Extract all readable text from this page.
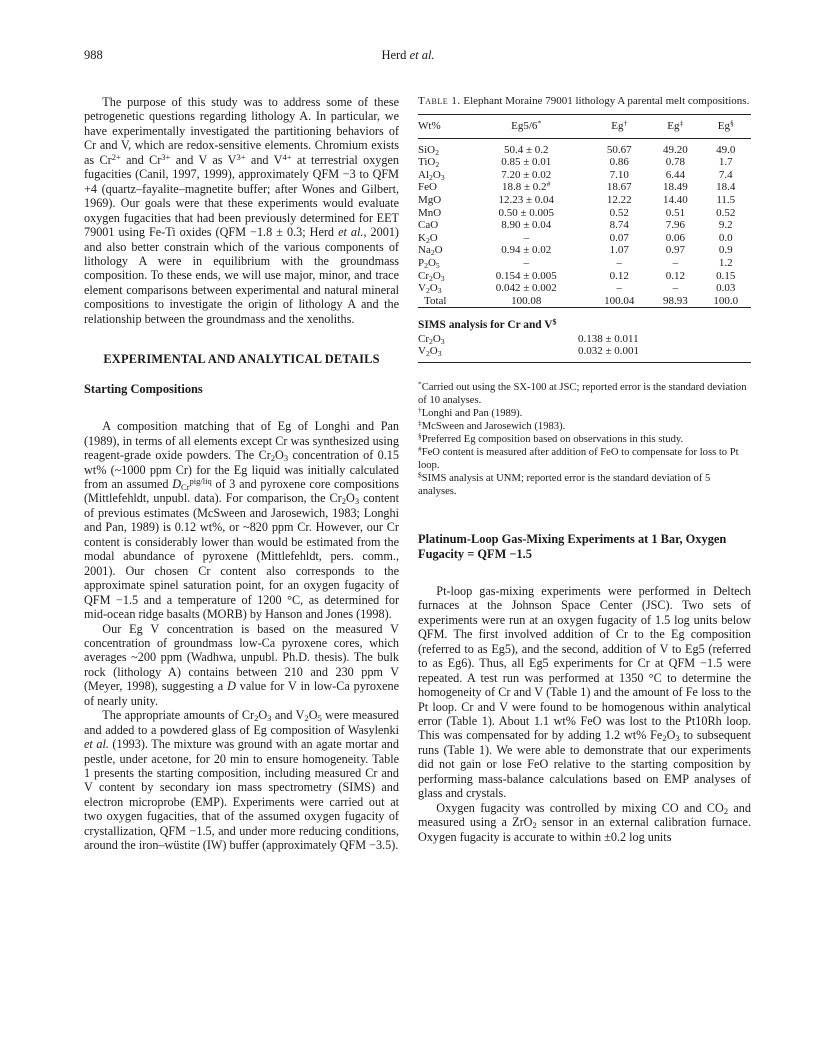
988	Herd et al.

The purpose of this study was to address some of these petrogenetic questions regarding lithology A. In particular, we have experimentally investigated the partitioning behaviors of Cr and V, which are redox-sensitive elements. Chromium exists as $Cr^{2+}$ and $Cr^{3+}$ and V as $V^{3+}$ and $V^{4+}$ at terrestrial oxygen fugacities (Canil, 1997, 1999), approximately QFM −3 to QFM +4 (quartz–fayalite–magnetite buffer; after Wones and Gilbert, 1969). Our goals were that these experiments would evaluate oxygen fugacities that had been previously determined for EET 79001 using Fe-Ti oxides (QFM −1.8 ± 0.3; Herd et al., 2001) and also better constrain which of the various components of lithology A were in equilibrium with the groundmass composition. To these ends, we will use major, minor, and trace element comparisons between experimental and natural mineral compositions to investigate the origin of lithology A and the relationship between the groundmass and the xenoliths.

EXPERIMENTAL AND ANALYTICAL DETAILS
Starting Compositions

A composition matching that of Eg of Longhi and Pan (1989), in terms of all elements except Cr was synthesized using reagent-grade oxide powders. The $Cr_2O_3$ concentration of 0.15 wt% (~1000 ppm Cr) for the Eg liquid was initially calculated from an assumed $D_{Cr}^{pig/liq}$ of 3 and pyroxene core compositions (Mittlefehldt, unpubl. data). For comparison, the $Cr_2O_3$ content of previous estimates (McSween and Jarosewich, 1983; Longhi and Pan, 1989) is 0.12 wt%, or ~820 ppm Cr. However, our Cr content is considerably lower than would be estimated from the modal abundance of pyroxene (Mittlefehldt, pers. comm., 2001). Our chosen Cr content also corresponds to the approximate spinel saturation point, for an oxygen fugacity of QFM −1.5 and a temperature of 1200 °C, as determined for mid-ocean ridge basalts (MORB) by Hanson and Jones (1998).

Our Eg V concentration is based on the measured V concentration of groundmass low-Ca pyroxene cores, which averages ~200 ppm (Wadhwa, unpubl. Ph.D. thesis). The bulk rock (lithology A) contains between 210 and 230 ppm V (Meyer, 1998), suggesting a D value for V in low-Ca pyroxene of nearly unity.

The appropriate amounts of $Cr_2O_3$ and $V_2O_5$ were measured and added to a powdered glass of Eg composition of Wasylenki et al. (1993). The mixture was ground with an agate mortar and pestle, under acetone, for 20 min to ensure homogeneity. Table 1 presents the starting composition, including measured Cr and V content by secondary ion mass spectrometry (SIMS) and electron microprobe (EMP). Experiments were carried out at two oxygen fugacities, that of the assumed oxygen fugacity of crystallization, QFM −1.5, and under more reducing conditions, around the iron–wüstite (IW) buffer (approximately QFM −3.5).

Table 1. Elephant Moraine 79001 lithology A parental melt compositions.
Wt%	Eg5/6*	Eg†	Eg‡	Eg§
SiO$_2$	50.4 ± 0.2	50.67	49.20	49.0
TiO$_2$	0.85 ± 0.01	0.86	0.78	1.7
$Al_2O_3$	7.20 ± 0.02	7.10	6.44	7.4
FeO	18.8 ± 0.2#	18.67	18.49	18.4
MgO	12.23 ± 0.04	12.22	14.40	11.5
MnO	0.50 ± 0.005	0.52	0.51	0.52
CaO	8.90 ± 0.04	8.74	7.96	9.2
$K_2O$	–	0.07	0.06	0.0
$Na_2O$	0.94 ± 0.02	1.07	0.97	0.9
$P_2O_5$	–	–	–	1.2
$Cr_2O_3$	0.154 ± 0.005	0.12	0.12	0.15
$V_2O_3$	0.042 ± 0.002	–	–	0.03
Total	100.08	100.04	98.93	100.0
SIMS analysis for Cr and V$
$Cr_2O_3$	0.138 ± 0.011
$V_2O_3$	0.032 ± 0.001

*Carried out using the SX-100 at JSC; reported error is the standard deviation of 10 analyses.

†Longhi and Pan (1989).

‡McSween and Jarosewich (1983).

§Preferred Eg composition based on observations in this study.

#FeO content is measured after addition of FeO to compensate for loss to Pt loop.

$SIMS analysis at UNM; reported error is the standard deviation of 5 analyses.

Platinum-Loop Gas-Mixing Experiments at 1 Bar, Oxygen Fugacity = QFM −1.5

Pt-loop gas-mixing experiments were performed in Deltech furnaces at the Johnson Space Center (JSC). Two sets of experiments were run at an oxygen fugacity of 1.5 log units below QFM. The first involved addition of Cr to the Eg composition (referred to as Eg5), and the second, addition of V to Eg5 (referred to as Eg6). Thus, all Eg5 experiments for Cr at QFM −1.5 were repeated. A test run was performed at 1350 °C to determine the homogeneity of Cr and V (Table 1) and the amount of Fe loss to the Pt loop. Cr and V were found to be homogenous within analytical error (Table 1). About 1.1 wt% FeO was lost to the Pt10Rh loop. This was compensated for by adding 1.2 wt% $Fe_2O_3$ to subsequent runs (Table 1). We were able to demonstrate that our experiments did not gain or lose FeO relative to the starting composition by performing mass-balance calculations based on EMP analyses of glass and crystals.

Oxygen fugacity was controlled by mixing CO and $CO_2$ and measured using a ZrO$_2$ sensor in an external calibration furnace. Oxygen fugacity is accurate to within ±0.2 log units
